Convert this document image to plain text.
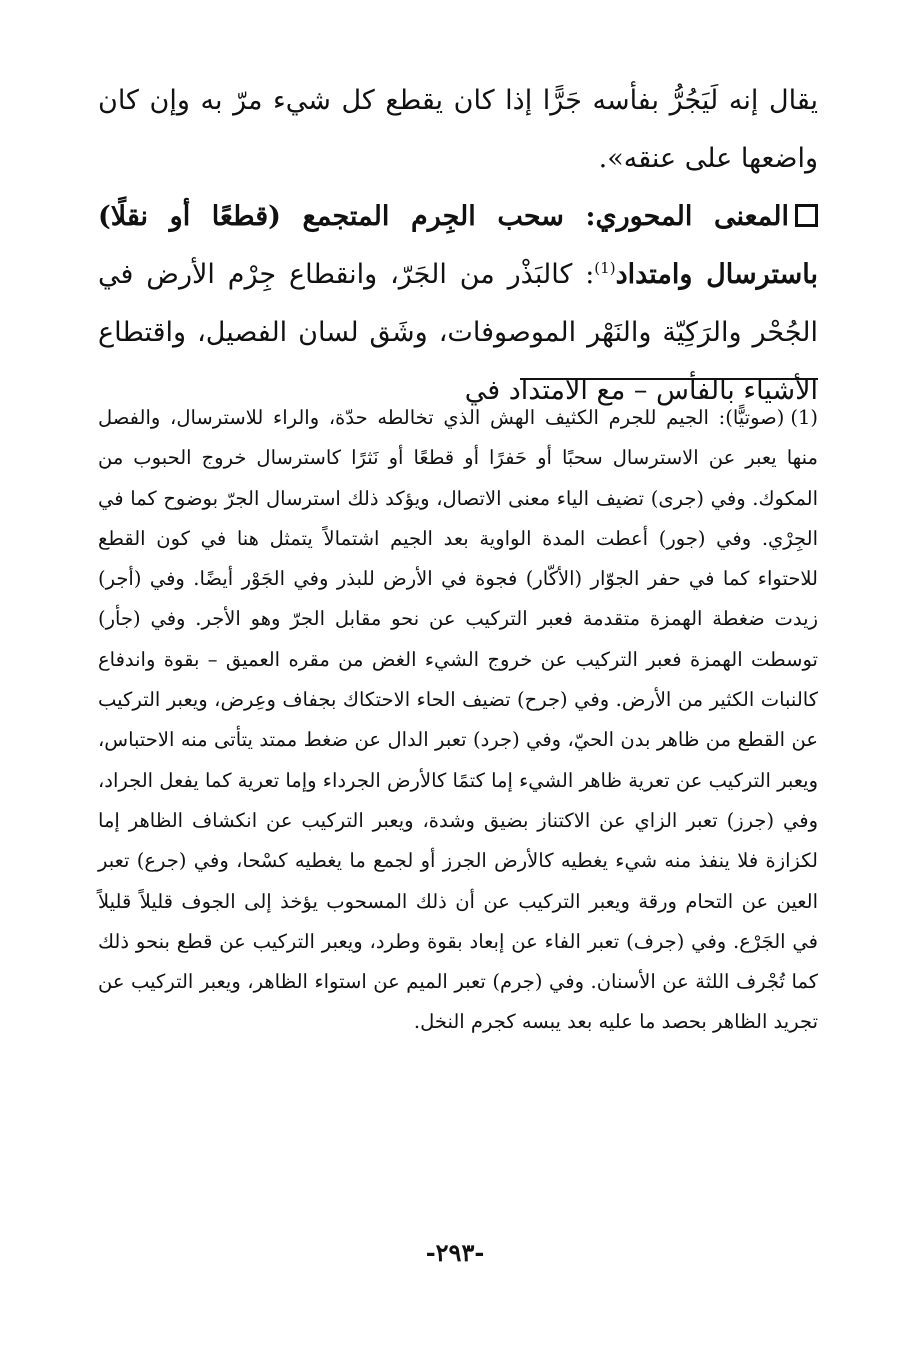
يقال إنه لَيَجُرُّ بفأسه جَرًّا إذا كان يقطع كل شيء مرّ به وإن كان واضعها على عنقه».

المعنى المحوري: سحب الجِرم المتجمع (قطعًا أو نقلًا) باسترسال وامتداد$^{(1)}$: كالبَذْر من الجَرّ، وانقطاع جِرْم الأرض في الجُحْر والرَكِيّة والنَهْر الموصوفات، وشَق لسان الفصيل، واقتطاع الأشياء بالفأس – مع الامتداد في

(1)(صوتيًّا): الجيم للجرم الكثيف الهش الذي تخالطه حدّة، والراء للاسترسال، والفصل منها يعبر عن الاسترسال سحبًا أو حَفرًا أو قطعًا أو نَثرًا كاسترسال خروج الحبوب من المكوك. وفي (جرى) تضيف الياء معنى الاتصال، ويؤكد ذلك استرسال الجرّ بوضوح كما في الجِرْي. وفي (جور) أعطت المدة الواوية بعد الجيم اشتمالاً يتمثل هنا في كون القطع للاحتواء كما في حفر الجوّار (الأكّار) فجوة في الأرض للبذر وفي الجَوْر أيضًا. وفي (أجر) زيدت ضغطة الهمزة متقدمة فعبر التركيب عن نحو مقابل الجرّ وهو الأجر. وفي (جأر) توسطت الهمزة فعبر التركيب عن خروج الشيء الغض من مقره العميق – بقوة واندفاع كالنبات الكثير من الأرض. وفي (جرح) تضيف الحاء الاحتكاك بجفاف وعِرض، ويعبر التركيب عن القطع من ظاهر بدن الحيّ، وفي (جرد) تعبر الدال عن ضغط ممتد يتأتى منه الاحتباس، ويعبر التركيب عن تعرية ظاهر الشيء إما كتمًا كالأرض الجرداء وإما تعرية كما يفعل الجراد، وفي (جرز) تعبر الزاي عن الاكتناز بضيق وشدة، ويعبر التركيب عن انكشاف الظاهر إما لكزازة فلا ينفذ منه شيء يغطيه كالأرض الجرز أو لجمع ما يغطيه كسْحا، وفي (جرع) تعبر العين عن التحام ورقة ويعبر التركيب عن أن ذلك المسحوب يؤخذ إلى الجوف قليلاً قليلاً في الجَرْع. وفي (جرف) تعبر الفاء عن إبعاد بقوة وطرد، ويعبر التركيب عن قطع بنحو ذلك كما تُجْرف اللثة عن الأسنان. وفي (جرم) تعبر الميم عن استواء الظاهر، ويعبر التركيب عن تجريد الظاهر بحصد ما عليه بعد يبسه كجرم النخل.

-٢٩٣-
